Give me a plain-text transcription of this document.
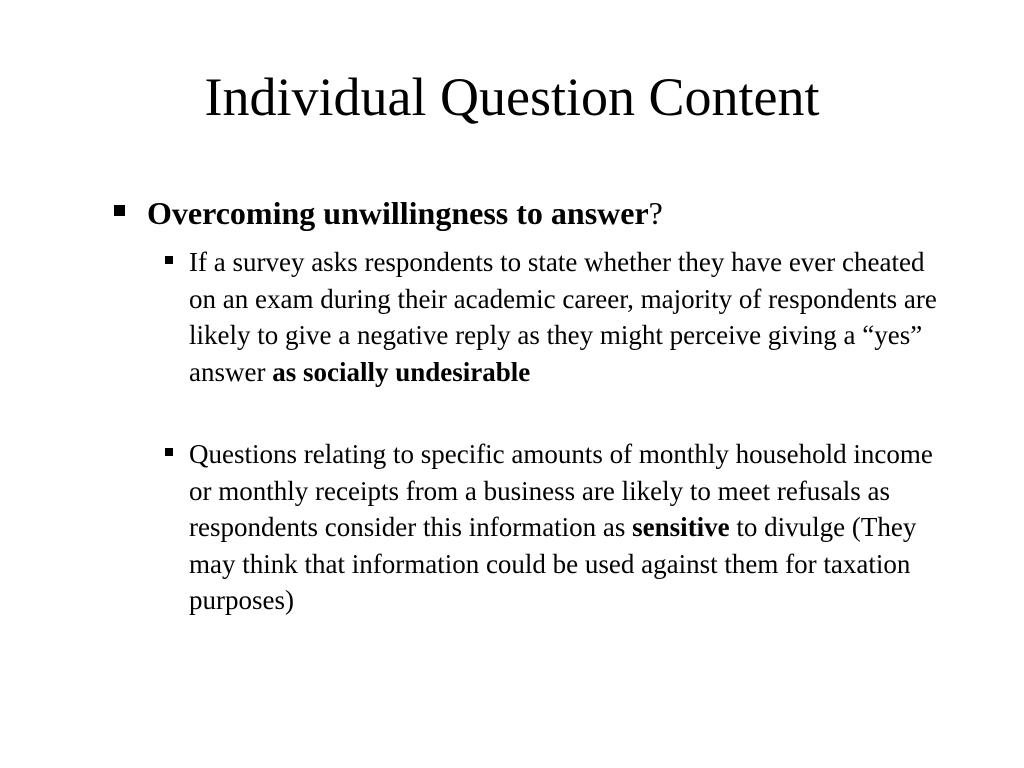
Individual Question Content
Overcoming unwillingness to answer?
If a survey asks respondents to state whether they have ever cheated on an exam during their academic career, majority of respondents are likely to give a negative reply as they might perceive giving a “yes” answer as socially undesirable
Questions relating to specific amounts of monthly household income or monthly receipts from a business are likely to meet refusals as respondents consider this information as sensitive to divulge (They may think that information could be used against them for taxation purposes)
